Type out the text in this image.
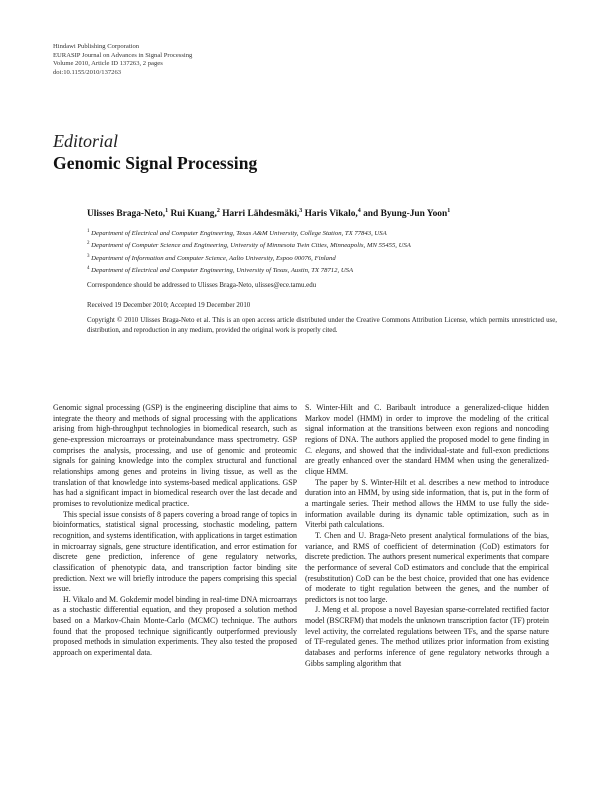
Hindawi Publishing Corporation
EURASIP Journal on Advances in Signal Processing
Volume 2010, Article ID 137263, 2 pages
doi:10.1155/2010/137263
Editorial
Genomic Signal Processing
Ulisses Braga-Neto,$^1$ Rui Kuang,$^2$ Harri Lähdesmäki,$^3$ Haris Vikalo,$^4$ and Byung-Jun Yoon$^1$
$^1$ Department of Electrical and Computer Engineering, Texas A&M University, College Station, TX 77843, USA
$^2$ Department of Computer Science and Engineering, University of Minnesota Twin Cities, Minneapolis, MN 55455, USA
$^3$ Department of Information and Computer Science, Aalto University, Espoo 00076, Finland
$^4$ Department of Electrical and Computer Engineering, University of Texas, Austin, TX 78712, USA
Correspondence should be addressed to Ulisses Braga-Neto, ulisses@ece.tamu.edu
Received 19 December 2010; Accepted 19 December 2010
Copyright © 2010 Ulisses Braga-Neto et al. This is an open access article distributed under the Creative Commons Attribution License, which permits unrestricted use, distribution, and reproduction in any medium, provided the original work is properly cited.

Genomic signal processing (GSP) is the engineering discipline that aims to integrate the theory and methods of signal processing with the applications arising from high-throughput technologies in biomedical research, such as gene-expression microarrays or proteinabundance mass spectrometry. GSP comprises the analysis, processing, and use of genomic and proteomic signals for gaining knowledge into the complex structural and functional relationships among genes and proteins in living tissue, as well as the translation of that knowledge into systems-based medical applications. GSP has had a significant impact in biomedical research over the last decade and promises to revolutionize medical practice.

This special issue consists of 8 papers covering a broad range of topics in bioinformatics, statistical signal processing, stochastic modeling, pattern recognition, and systems identification, with applications in target estimation in microarray signals, gene structure identification, and error estimation for discrete gene prediction, inference of gene regulatory networks, classification of phenotypic data, and transcription factor binding site prediction. Next we will briefly introduce the papers comprising this special issue.

H. Vikalo and M. Gokdemir model binding in real-time DNA microarrays as a stochastic differential equation, and they proposed a solution method based on a Markov-Chain Monte-Carlo (MCMC) technique. The authors found that the proposed technique significantly outperformed previously proposed methods in simulation experiments. They also tested the proposed approach on experimental data.

S. Winter-Hilt and C. Baribault introduce a generalized-clique hidden Markov model (HMM) in order to improve the modeling of the critical signal information at the transitions between exon regions and noncoding regions of DNA. The authors applied the proposed model to gene finding in C. elegans, and showed that the individual-state and full-exon predictions are greatly enhanced over the standard HMM when using the generalized-clique HMM.

The paper by S. Winter-Hilt et al. describes a new method to introduce duration into an HMM, by using side information, that is, put in the form of a martingale series. Their method allows the HMM to use fully the side-information available during its dynamic table optimization, such as in Viterbi path calculations.

T. Chen and U. Braga-Neto present analytical formulations of the bias, variance, and RMS of coefficient of determination (CoD) estimators for discrete prediction. The authors present numerical experiments that compare the performance of several CoD estimators and conclude that the empirical (resubstitution) CoD can be the best choice, provided that one has evidence of moderate to tight regulation between the genes, and the number of predictors is not too large.

J. Meng et al. propose a novel Bayesian sparse-correlated rectified factor model (BSCRFM) that models the unknown transcription factor (TF) protein level activity, the correlated regulations between TFs, and the sparse nature of TF-regulated genes. The method utilizes prior information from existing databases and performs inference of gene regulatory networks through a Gibbs sampling algorithm that
